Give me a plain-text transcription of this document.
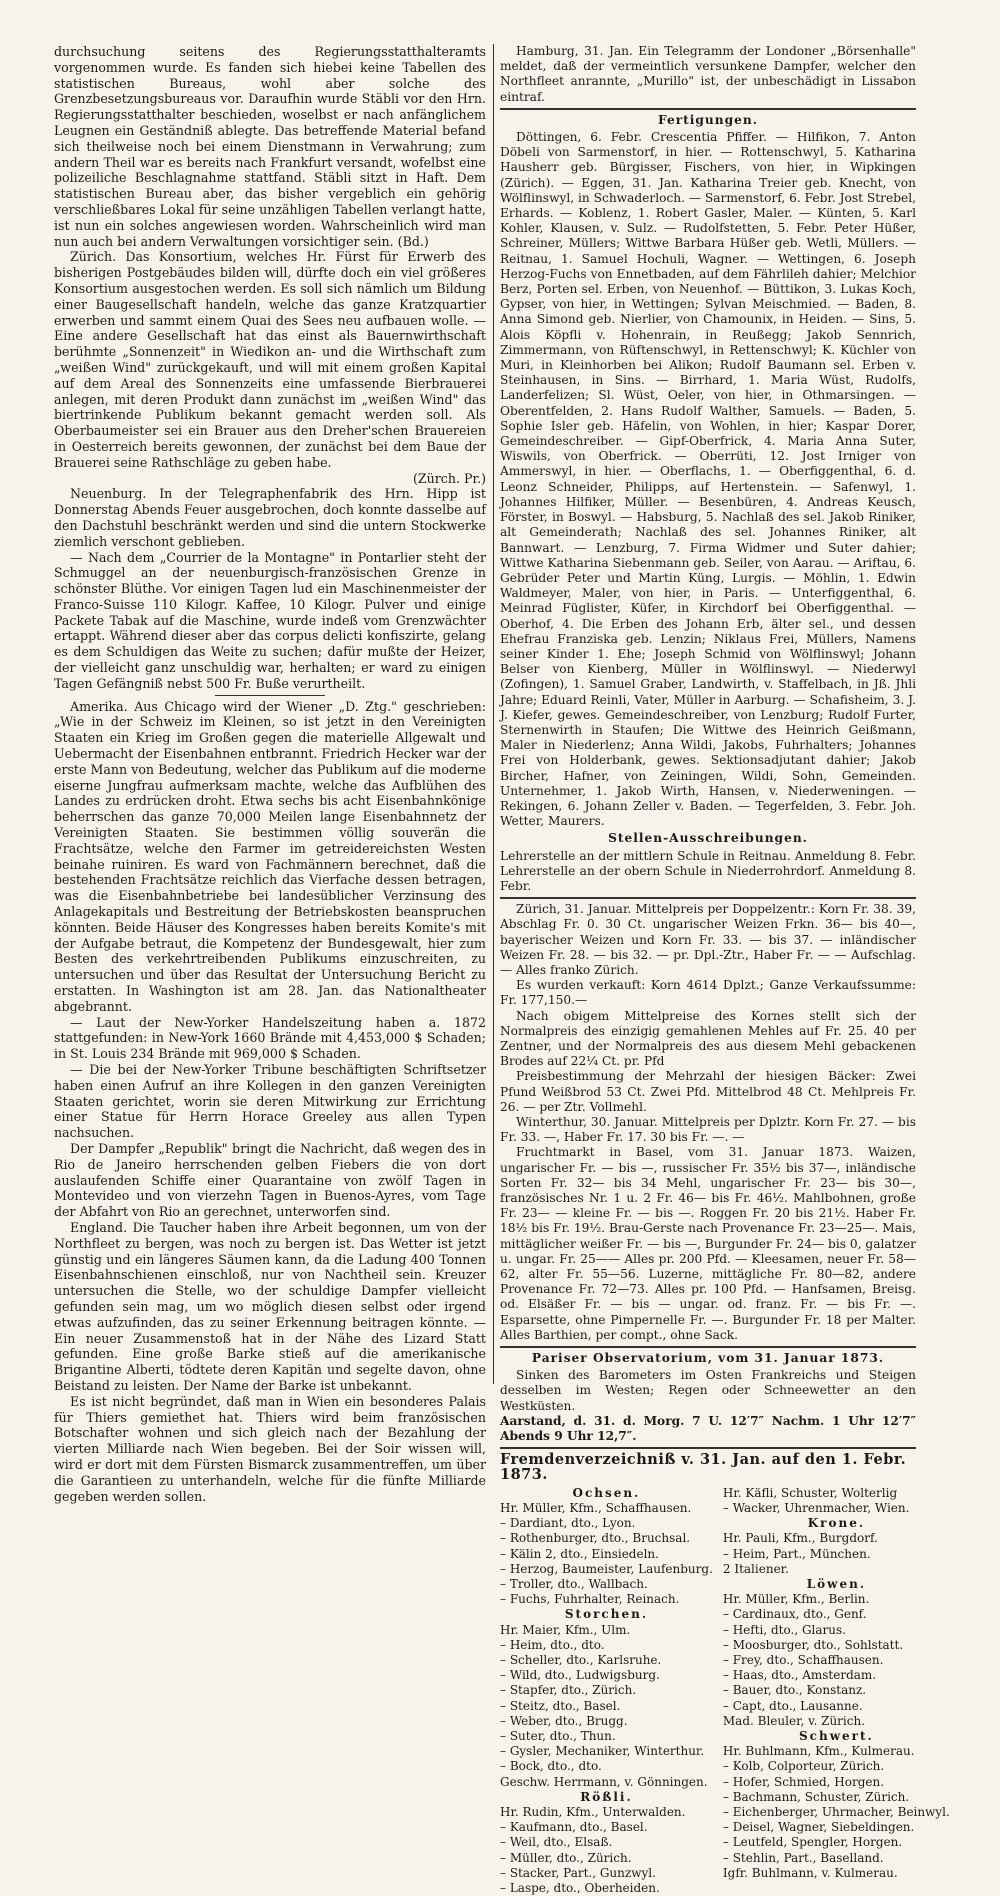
durchsuchung seitens des Regierungsstatthalteramts vorgenommen wurde. Es fanden sich hiebei keine Tabellen des statistischen Bureaus, wohl aber solche des Grenzbesetzungsbureaus vor. Daraufhin wurde Stäbli vor den Hrn. Regierungsstatthalter beschieden, woselbst er nach anfänglichem Leugnen ein Geständniß ablegte. Das betreffende Material befand sich theilweise noch bei einem Dienstmann in Verwahrung; zum andern Theil war es bereits nach Frankfurt versandt, wofelbst eine polizeiliche Beschlagnahme stattfand. Stäbli sitzt in Haft. Dem statistischen Bureau aber, das bisher vergeblich ein gehörig verschließbares Lokal für seine unzähligen Tabellen verlangt hatte, ist nun ein solches angewiesen worden. Wahrscheinlich wird man nun auch bei andern Verwaltungen vorsichtiger sein. (Bd.)

Zürich. Das Konsortium, welches Hr. Fürst für Erwerb des bisherigen Postgebäudes bilden will, dürfte doch ein viel größeres Konsortium ausgestochen werden. Es soll sich nämlich um Bildung einer Baugesellschaft handeln, welche das ganze Kratzquartier erwerben und sammt einem Quai des Sees neu aufbauen wolle. — Eine andere Gesellschaft hat das einst als Bauernwirthschaft berühmte „Sonnenzeit" in Wiedikon an- und die Wirthschaft zum „weißen Wind" zurückgekauft, und will mit einem großen Kapital auf dem Areal des Sonnenzeits eine umfassende Bierbrauerei anlegen, mit deren Produkt dann zunächst im „weißen Wind" das biertrinkende Publikum bekannt gemacht werden soll. Als Oberbaumeister sei ein Brauer aus den Dreher'schen Brauereien in Oesterreich bereits gewonnen, der zunächst bei dem Baue der Brauerei seine Rathschläge zu geben habe.

(Zürch. Pr.)

Neuenburg. In der Telegraphenfabrik des Hrn. Hipp ist Donnerstag Abends Feuer ausgebrochen, doch konnte dasselbe auf den Dachstuhl beschränkt werden und sind die untern Stockwerke ziemlich verschont geblieben.

— Nach dem „Courrier de la Montagne" in Pontarlier steht der Schmuggel an der neuenburgisch-französischen Grenze in schönster Blüthe. Vor einigen Tagen lud ein Maschinenmeister der Franco-Suisse 110 Kilogr. Kaffee, 10 Kilogr. Pulver und einige Packete Tabak auf die Maschine, wurde indeß vom Grenzwächter ertappt. Während dieser aber das corpus delicti konfiszirte, gelang es dem Schuldigen das Weite zu suchen; dafür mußte der Heizer, der vielleicht ganz unschuldig war, herhalten; er ward zu einigen Tagen Gefängniß nebst 500 Fr. Buße verurtheilt.

Amerika. Aus Chicago wird der Wiener „D. Ztg." geschrieben: „Wie in der Schweiz im Kleinen, so ist jetzt in den Vereinigten Staaten ein Krieg im Großen gegen die materielle Allgewalt und Uebermacht der Eisenbahnen entbrannt. Friedrich Hecker war der erste Mann von Bedeutung, welcher das Publikum auf die moderne eiserne Jungfrau aufmerksam machte, welche das Aufblühen des Landes zu erdrücken droht. Etwa sechs bis acht Eisenbahnkönige beherrschen das ganze 70,000 Meilen lange Eisenbahnnetz der Vereinigten Staaten. Sie bestimmen völlig souverän die Frachtsätze, welche den Farmer im getreidereichsten Westen beinahe ruiniren. Es ward von Fachmännern berechnet, daß die bestehenden Frachtsätze reichlich das Vierfache dessen betragen, was die Eisenbahnbetriebe bei landesüblicher Verzinsung des Anlagekapitals und Bestreitung der Betriebskosten beanspruchen könnten. Beide Häuser des Kongresses haben bereits Komite's mit der Aufgabe betraut, die Kompetenz der Bundesgewalt, hier zum Besten des verkehrtreibenden Publikums einzuschreiten, zu untersuchen und über das Resultat der Untersuchung Bericht zu erstatten. In Washington ist am 28. Jan. das Nationaltheater abgebrannt.

— Laut der New-Yorker Handelszeitung haben a. 1872 stattgefunden: in New-York 1660 Brände mit 4,453,000 $ Schaden; in St. Louis 234 Brände mit 969,000 $ Schaden.

— Die bei der New-Yorker Tribune beschäftigten Schriftsetzer haben einen Aufruf an ihre Kollegen in den ganzen Vereinigten Staaten gerichtet, worin sie deren Mitwirkung zur Errichtung einer Statue für Herrn Horace Greeley aus allen Typen nachsuchen.

Der Dampfer „Republik" bringt die Nachricht, daß wegen des in Rio de Janeiro herrschenden gelben Fiebers die von dort auslaufenden Schiffe einer Quarantaine von zwölf Tagen in Montevideo und von vierzehn Tagen in Buenos-Ayres, vom Tage der Abfahrt von Rio an gerechnet, unterworfen sind.

England. Die Taucher haben ihre Arbeit begonnen, um von der Northfleet zu bergen, was noch zu bergen ist. Das Wetter ist jetzt günstig und ein längeres Säumen kann, da die Ladung 400 Tonnen Eisenbahnschienen einschloß, nur von Nachtheil sein. Kreuzer untersuchen die Stelle, wo der schuldige Dampfer vielleicht gefunden sein mag, um wo möglich diesen selbst oder irgend etwas aufzufinden, das zu seiner Erkennung beitragen könnte. — Ein neuer Zusammenstoß hat in der Nähe des Lizard Statt gefunden. Eine große Barke stieß auf die amerikanische Brigantine Alberti, tödtete deren Kapitän und segelte davon, ohne Beistand zu leisten. Der Name der Barke ist unbekannt.

Es ist nicht begründet, daß man in Wien ein besonderes Palais für Thiers gemiethet hat. Thiers wird beim französischen Botschafter wohnen und sich gleich nach der Bezahlung der vierten Milliarde nach Wien begeben. Bei der Soir wissen will, wird er dort mit dem Fürsten Bismarck zusammentreffen, um über die Garantieen zu unterhandeln, welche für die fünfte Milliarde gegeben werden sollen.

Hamburg, 31. Jan. Ein Telegramm der Londoner „Börsenhalle" meldet, daß der vermeintlich versunkene Dampfer, welcher den Northfleet anrannte, „Murillo" ist, der unbeschädigt in Lissabon eintraf.

Fertigungen.

Döttingen, 6. Febr. Crescentia Pfiffer. — Hilfikon, 7. Anton Döbeli von Sarmenstorf, in hier. — Rottenschwyl, 5. Katharina Hausherr geb. Bürgisser, Fischers, von hier, in Wipkingen (Zürich). — Eggen, 31. Jan. Katharina Treier geb. Knecht, von Wölflinswyl, in Schwaderloch. — Sarmenstorf, 6. Febr. Jost Strebel, Erhards. — Koblenz, 1. Robert Gasler, Maler. — Künten, 5. Karl Kohler, Klausen, v. Sulz. — Rudolfstetten, 5. Febr. Peter Hüßer, Schreiner, Müllers; Wittwe Barbara Hüßer geb. Wetli, Müllers. — Reitnau, 1. Samuel Hochuli, Wagner. — Wettingen, 6. Joseph Herzog-Fuchs von Ennetbaden, auf dem Fährlileh dahier; Melchior Berz, Porten sel. Erben, von Neuenhof. — Büttikon, 3. Lukas Koch, Gypser, von hier, in Wettingen; Sylvan Meischmied. — Baden, 8. Anna Simond geb. Nierlier, von Chamounix, in Heiden. — Sins, 5. Alois Köpfli v. Hohenrain, in Reußegg; Jakob Sennrich, Zimmermann, von Rüftenschwyl, in Rettenschwyl; K. Küchler von Muri, in Kleinhorben bei Alikon; Rudolf Baumann sel. Erben v. Steinhausen, in Sins. — Birrhard, 1. Maria Wüst, Rudolfs, Landerfelizen; Sl. Wüst, Oeler, von hier, in Othmarsingen. — Oberentfelden, 2. Hans Rudolf Walther, Samuels. — Baden, 5. Sophie Isler geb. Häfelin, von Wohlen, in hier; Kaspar Dorer, Gemeindeschreiber. — Gipf-Oberfrick, 4. Maria Anna Suter, Wiswils, von Oberfrick. — Oberrüti, 12. Jost Irniger von Ammerswyl, in hier. — Oberflachs, 1. — Oberfiggenthal, 6. d. Leonz Schneider, Philipps, auf Hertenstein. — Safenwyl, 1. Johannes Hilfiker, Müller. — Besenbüren, 4. Andreas Keusch, Förster, in Boswyl. — Habsburg, 5. Nachlaß des sel. Jakob Riniker, alt Gemeinderath; Nachlaß des sel. Johannes Riniker, alt Bannwart. — Lenzburg, 7. Firma Widmer und Suter dahier; Wittwe Katharina Siebenmann geb. Seiler, von Aarau. — Ariftau, 6. Gebrüder Peter und Martin Küng, Lurgis. — Möhlin, 1. Edwin Waldmeyer, Maler, von hier, in Paris. — Unterfiggenthal, 6. Meinrad Füglister, Küfer, in Kirchdorf bei Oberfiggenthal. — Oberhof, 4. Die Erben des Johann Erb, älter sel., und dessen Ehefrau Franziska geb. Lenzin; Niklaus Frei, Müllers, Namens seiner Kinder 1. Ehe; Joseph Schmid von Wölflinswyl; Johann Belser von Kienberg, Müller in Wölflinswyl. — Niederwyl (Zofingen), 1. Samuel Graber, Landwirth, v. Staffelbach, in Jß. Jhli Jahre; Eduard Reinli, Vater, Müller in Aarburg. — Schafisheim, 3. J. J. Kiefer, gewes. Gemeindeschreiber, von Lenzburg; Rudolf Furter, Sternenwirth in Staufen; Die Wittwe des Heinrich Geißmann, Maler in Niederlenz; Anna Wildi, Jakobs, Fuhrhalters; Johannes Frei von Holderbank, gewes. Sektionsadjutant dahier; Jakob Bircher, Hafner, von Zeiningen, Wildi, Sohn, Gemeinden. Unternehmer, 1. Jakob Wirth, Hansen, v. Niederweningen. — Rekingen, 6. Johann Zeller v. Baden. — Tegerfelden, 3. Febr. Joh. Wetter, Maurers.

Stellen-Ausschreibungen.

Lehrerstelle an der mittlern Schule in Reitnau. Anmeldung 8. Febr. Lehrerstelle an der obern Schule in Niederrohrdorf. Anmeldung 8. Febr.

Zürich, 31. Januar. Mittelpreis per Doppelzentr.: Korn Fr. 38. 39, Abschlag Fr. 0. 30 Ct. ungarischer Weizen Frkn. 36— bis 40—, bayerischer Weizen und Korn Fr. 33. — bis 37. — inländischer Weizen Fr. 28. — bis 32. — pr. Dpl.-Ztr., Haber Fr. — — Aufschlag. — Alles franko Zürich.

Es wurden verkauft: Korn 4614 Dplzt.; Ganze Verkaufssumme: Fr. 177,150.—

Nach obigem Mittelpreise des Kornes stellt sich der Normalpreis des einzigig gemahlenen Mehles auf Fr. 25. 40 per Zentner, und der Normalpreis des aus diesem Mehl gebackenen Brodes auf 22¹⁄₄ Ct. pr. Pfd

Preisbestimmung der Mehrzahl der hiesigen Bäcker: Zwei Pfund Weißbrod 53 Ct. Zwei Pfd. Mittelbrod 48 Ct. Mehlpreis Fr. 26. — per Ztr. Vollmehl.

Winterthur, 30. Januar. Mittelpreis per Dplztr. Korn Fr. 27. — bis Fr. 33. —, Haber Fr. 17. 30 bis Fr. —. —

Fruchtmarkt in Basel, vom 31. Januar 1873. Waizen, ungarischer Fr. — bis —, russischer Fr. 35¹⁄₂ bis 37—, inländische Sorten Fr. 32— bis 34 Mehl, ungarischer Fr. 23— bis 30—, französisches Nr. 1 u. 2 Fr. 46— bis Fr. 46¹⁄₂. Mahlbohnen, große Fr. 23— — kleine Fr. — bis —. Roggen Fr. 20 bis 21¹⁄₂. Haber Fr. 18¹⁄₂ bis Fr. 19¹⁄₂. Brau-Gerste nach Provenance Fr. 23—25—. Mais, mittäglicher weißer Fr. — bis —, Burgunder Fr. 24— bis 0, galatzer u. ungar. Fr. 25—— Alles pr. 200 Pfd. — Kleesamen, neuer Fr. 58—62, alter Fr. 55—56. Luzerne, mittägliche Fr. 80—82, andere Provenance Fr. 72—73. Alles pr. 100 Pfd. — Hanfsamen, Breisg. od. Elsäßer Fr. — bis — ungar. od. franz. Fr. — bis Fr. —. Esparsette, ohne Pimpernelle Fr. —. Burgunder Fr. 18 per Malter. Alles Barthien, per compt., ohne Sack.

Pariser Observatorium, vom 31. Januar 1873.

Sinken des Barometers im Osten Frankreichs und Steigen desselben im Westen; Regen oder Schneewetter an den Westküsten.

Aarstand, d. 31. d. Morg. 7 U. 12′7″ Nachm. 1 Uhr 12′7″ Abends 9 Uhr 12,7″.

Fremdenverzeichniß v. 31. Jan. auf den 1. Febr. 1873.
Ochsen.
Hr. Müller, Kfm., Schaffhausen.
– Dardiant, dto., Lyon.
– Rothenburger, dto., Bruchsal.
– Kälin 2, dto., Einsiedeln.
– Herzog, Baumeister, Laufenburg.
– Troller, dto., Wallbach.
– Fuchs, Fuhrhalter, Reinach.
Storchen.
Hr. Maier, Kfm., Ulm.
– Heim, dto., dto.
– Scheller, dto., Karlsruhe.
– Wild, dto., Ludwigsburg.
– Stapfer, dto., Zürich.
– Steitz, dto., Basel.
– Weber, dto., Brugg.
– Suter, dto., Thun.
– Gysler, Mechaniker, Winterthur.
– Bock, dto., dto.
Geschw. Herrmann, v. Gönningen.
Rößli.
Hr. Rudin, Kfm., Unterwalden.
– Kaufmann, dto., Basel.
– Weil, dto., Elsaß.
– Müller, dto., Zürich.
– Stacker, Part., Gunzwyl.
– Laspe, dto., Oberheiden.
Hr. Käfli, Schuster, Wolterlig
– Wacker, Uhrenmacher, Wien.
Krone.
Hr. Pauli, Kfm., Burgdorf.
– Heim, Part., München.
2 Italiener.
Löwen.
Hr. Müller, Kfm., Berlin.
– Cardinaux, dto., Genf.
– Hefti, dto., Glarus.
– Moosburger, dto., Sohlstatt.
– Frey, dto., Schaffhausen.
– Haas, dto., Amsterdam.
– Bauer, dto., Konstanz.
– Capt, dto., Lausanne.
Mad. Bleuler, v. Zürich.
Schwert.
Hr. Buhlmann, Kfm., Kulmerau.
– Kolb, Colporteur, Zürich.
– Hofer, Schmied, Horgen.
– Bachmann, Schuster, Zürich.
– Eichenberger, Uhrmacher, Beinwyl.
– Deisel, Wagner, Siebeldingen.
– Leutfeld, Spengler, Horgen.
– Stehlin, Part., Baselland.
Igfr. Buhlmann, v. Kulmerau.
